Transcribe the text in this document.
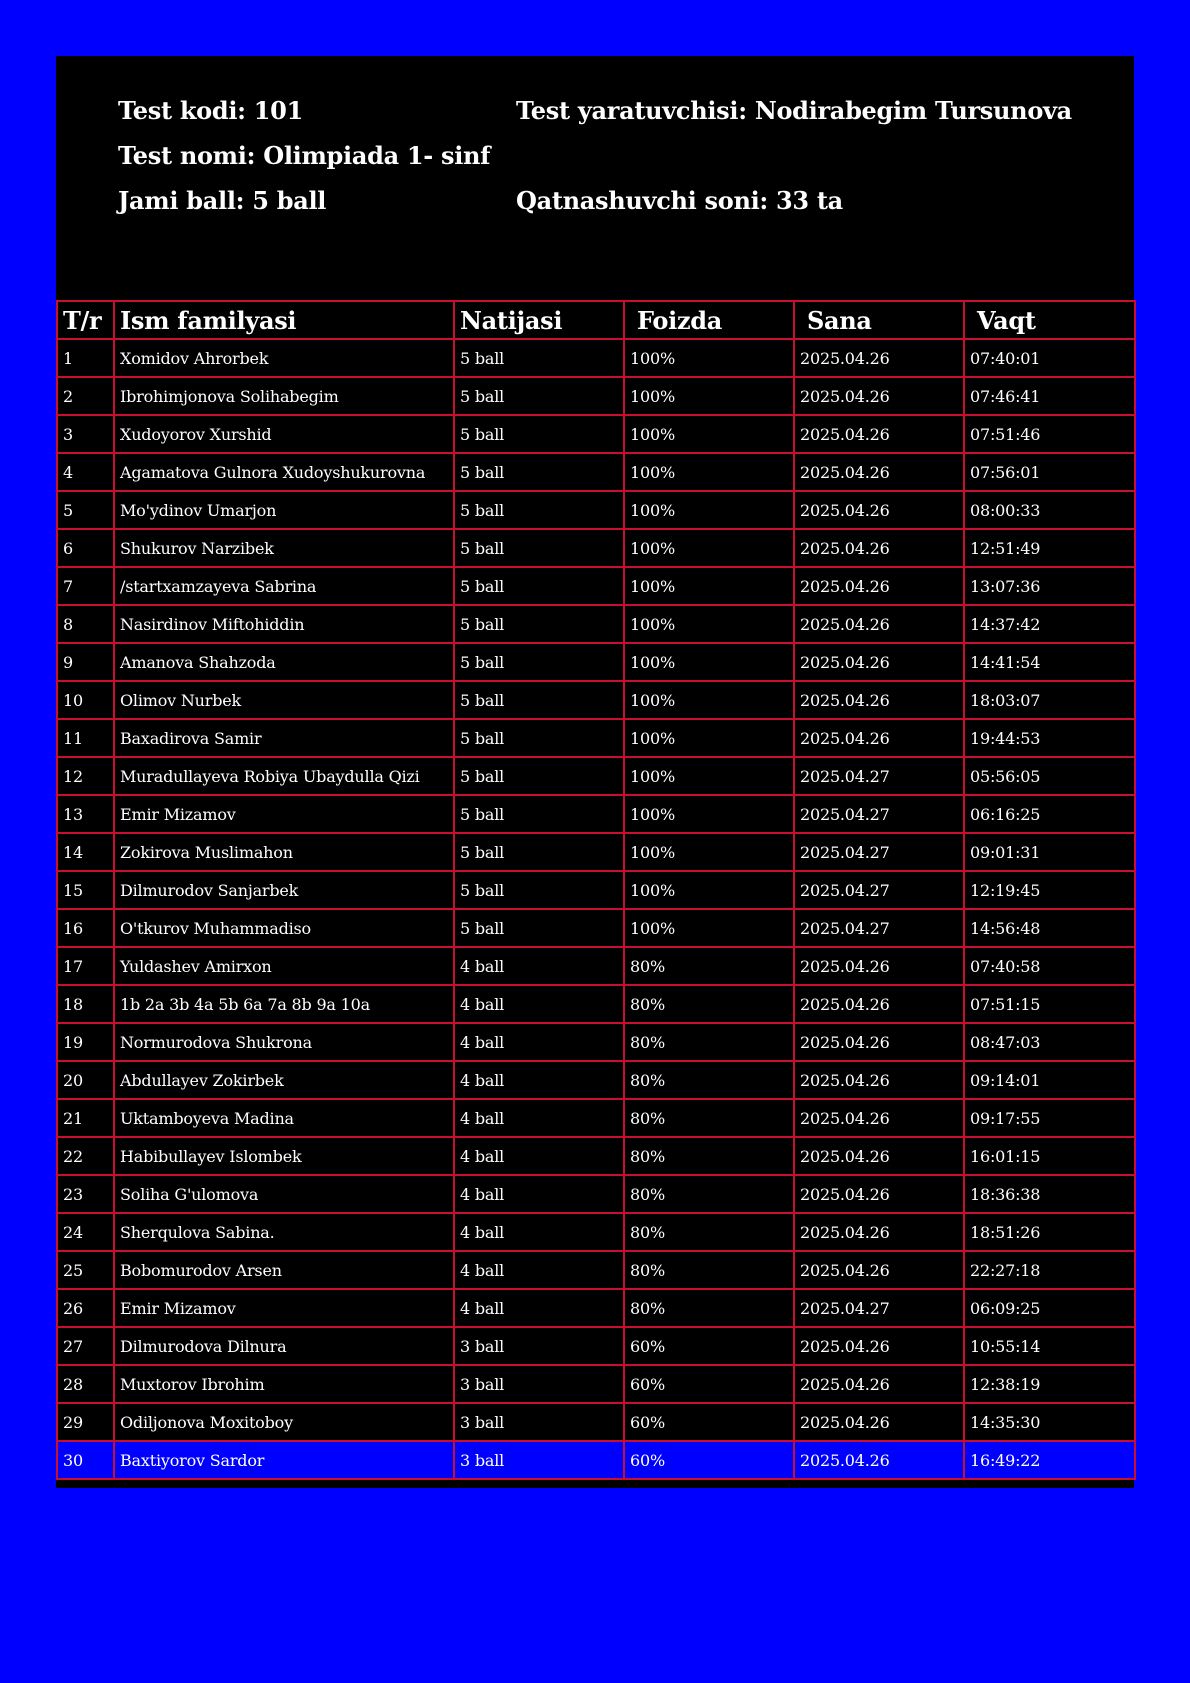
Test kodi: 101	Test yaratuvchisi: Nodirabegim Tursunova
Test nomi: Olimpiada 1- sinf
Jami ball: 5 ball	Qatnashuvchi soni: 33 ta
T/r	Ism familyasi	Natijasi	Foizda	Sana	Vaqt
1	Xomidov Ahrorbek	5 ball	100%	2025.04.26	07:40:01
2	Ibrohimjonova Solihabegim	5 ball	100%	2025.04.26	07:46:41
3	Xudoyorov Xurshid	5 ball	100%	2025.04.26	07:51:46
4	Agamatova Gulnora Xudoyshukurovna	5 ball	100%	2025.04.26	07:56:01
5	Mo'ydinov Umarjon	5 ball	100%	2025.04.26	08:00:33
6	Shukurov Narzibek	5 ball	100%	2025.04.26	12:51:49
7	/startxamzayeva Sabrina	5 ball	100%	2025.04.26	13:07:36
8	Nasirdinov Miftohiddin	5 ball	100%	2025.04.26	14:37:42
9	Amanova Shahzoda	5 ball	100%	2025.04.26	14:41:54
10	Olimov Nurbek	5 ball	100%	2025.04.26	18:03:07
11	Baxadirova Samir	5 ball	100%	2025.04.26	19:44:53
12	Muradullayeva Robiya Ubaydulla Qizi	5 ball	100%	2025.04.27	05:56:05
13	Emir Mizamov	5 ball	100%	2025.04.27	06:16:25
14	Zokirova Muslimahon	5 ball	100%	2025.04.27	09:01:31
15	Dilmurodov Sanjarbek	5 ball	100%	2025.04.27	12:19:45
16	O'tkurov Muhammadiso	5 ball	100%	2025.04.27	14:56:48
17	Yuldashev Amirxon	4 ball	80%	2025.04.26	07:40:58
18	1b 2a 3b 4a 5b 6a 7a 8b 9a 10a	4 ball	80%	2025.04.26	07:51:15
19	Normurodova Shukrona	4 ball	80%	2025.04.26	08:47:03
20	Abdullayev Zokirbek	4 ball	80%	2025.04.26	09:14:01
21	Uktamboyeva Madina	4 ball	80%	2025.04.26	09:17:55
22	Habibullayev Islombek	4 ball	80%	2025.04.26	16:01:15
23	Soliha G'ulomova	4 ball	80%	2025.04.26	18:36:38
24	Sherqulova Sabina.	4 ball	80%	2025.04.26	18:51:26
25	Bobomurodov Arsen	4 ball	80%	2025.04.26	22:27:18
26	Emir Mizamov	4 ball	80%	2025.04.27	06:09:25
27	Dilmurodova Dilnura	3 ball	60%	2025.04.26	10:55:14
28	Muxtorov Ibrohim	3 ball	60%	2025.04.26	12:38:19
29	Odiljonova Moxitoboy	3 ball	60%	2025.04.26	14:35:30
30	Baxtiyorov Sardor	3 ball	60%	2025.04.26	16:49:22
